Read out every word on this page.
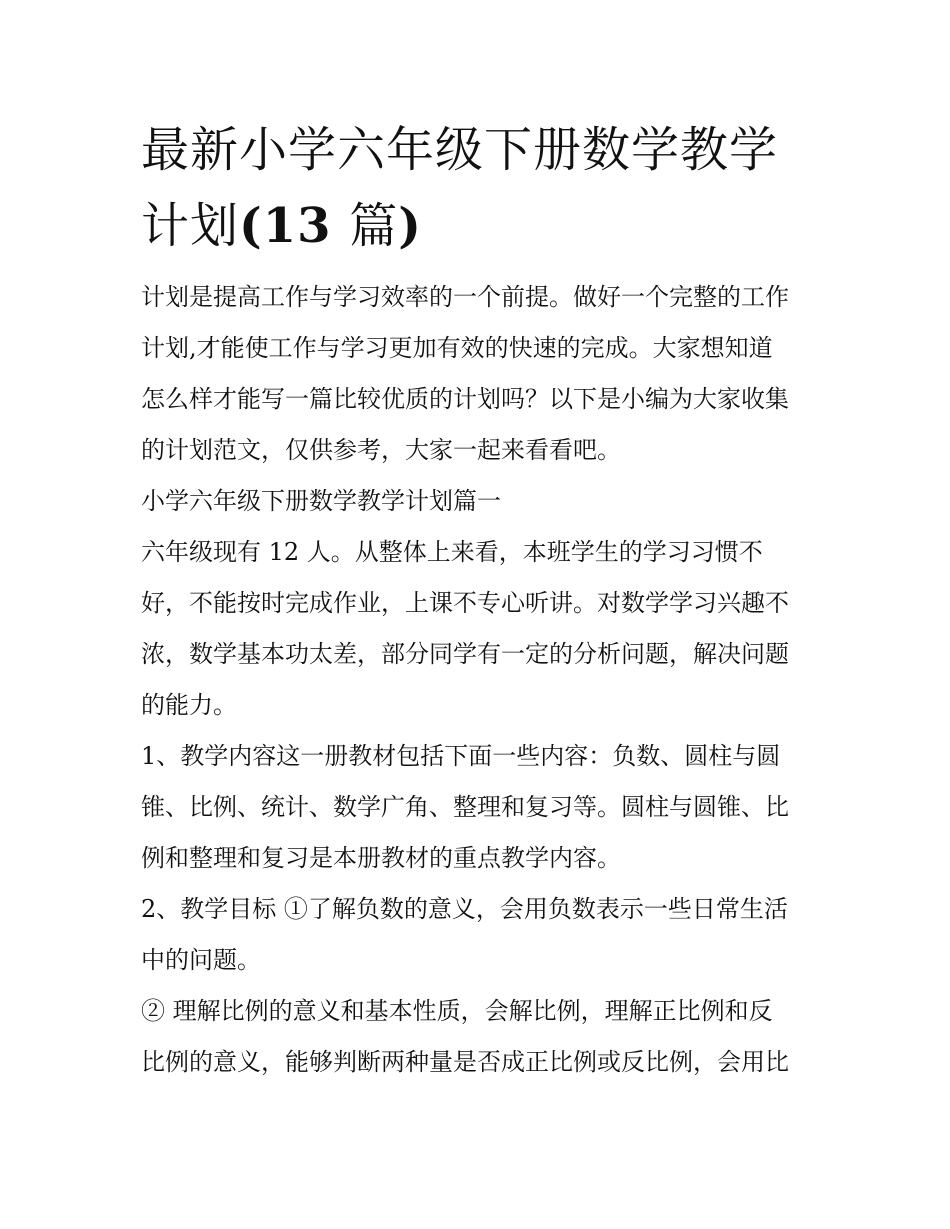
最新小学六年级下册数学教学
计划(13 篇)
计划是提高工作与学习效率的一个前提。做好一个完整的工作
计划,才能使工作与学习更加有效的快速的完成。大家想知道
怎么样才能写一篇比较优质的计划吗？以下是小编为大家收集
的计划范文，仅供参考，大家一起来看看吧。
小学六年级下册数学教学计划篇一
六年级现有 12 人。从整体上来看，本班学生的学习习惯不
好，不能按时完成作业，上课不专心听讲。对数学学习兴趣不
浓，数学基本功太差，部分同学有一定的分析问题，解决问题
的能力。
1、教学内容这一册教材包括下面一些内容：负数、圆柱与圆
锥、比例、统计、数学广角、整理和复习等。圆柱与圆锥、比
例和整理和复习是本册教材的重点教学内容。
2、教学目标 ①了解负数的意义，会用负数表示一些日常生活
中的问题。
② 理解比例的意义和基本性质，会解比例，理解正比例和反
比例的意义，能够判断两种量是否成正比例或反比例，会用比
